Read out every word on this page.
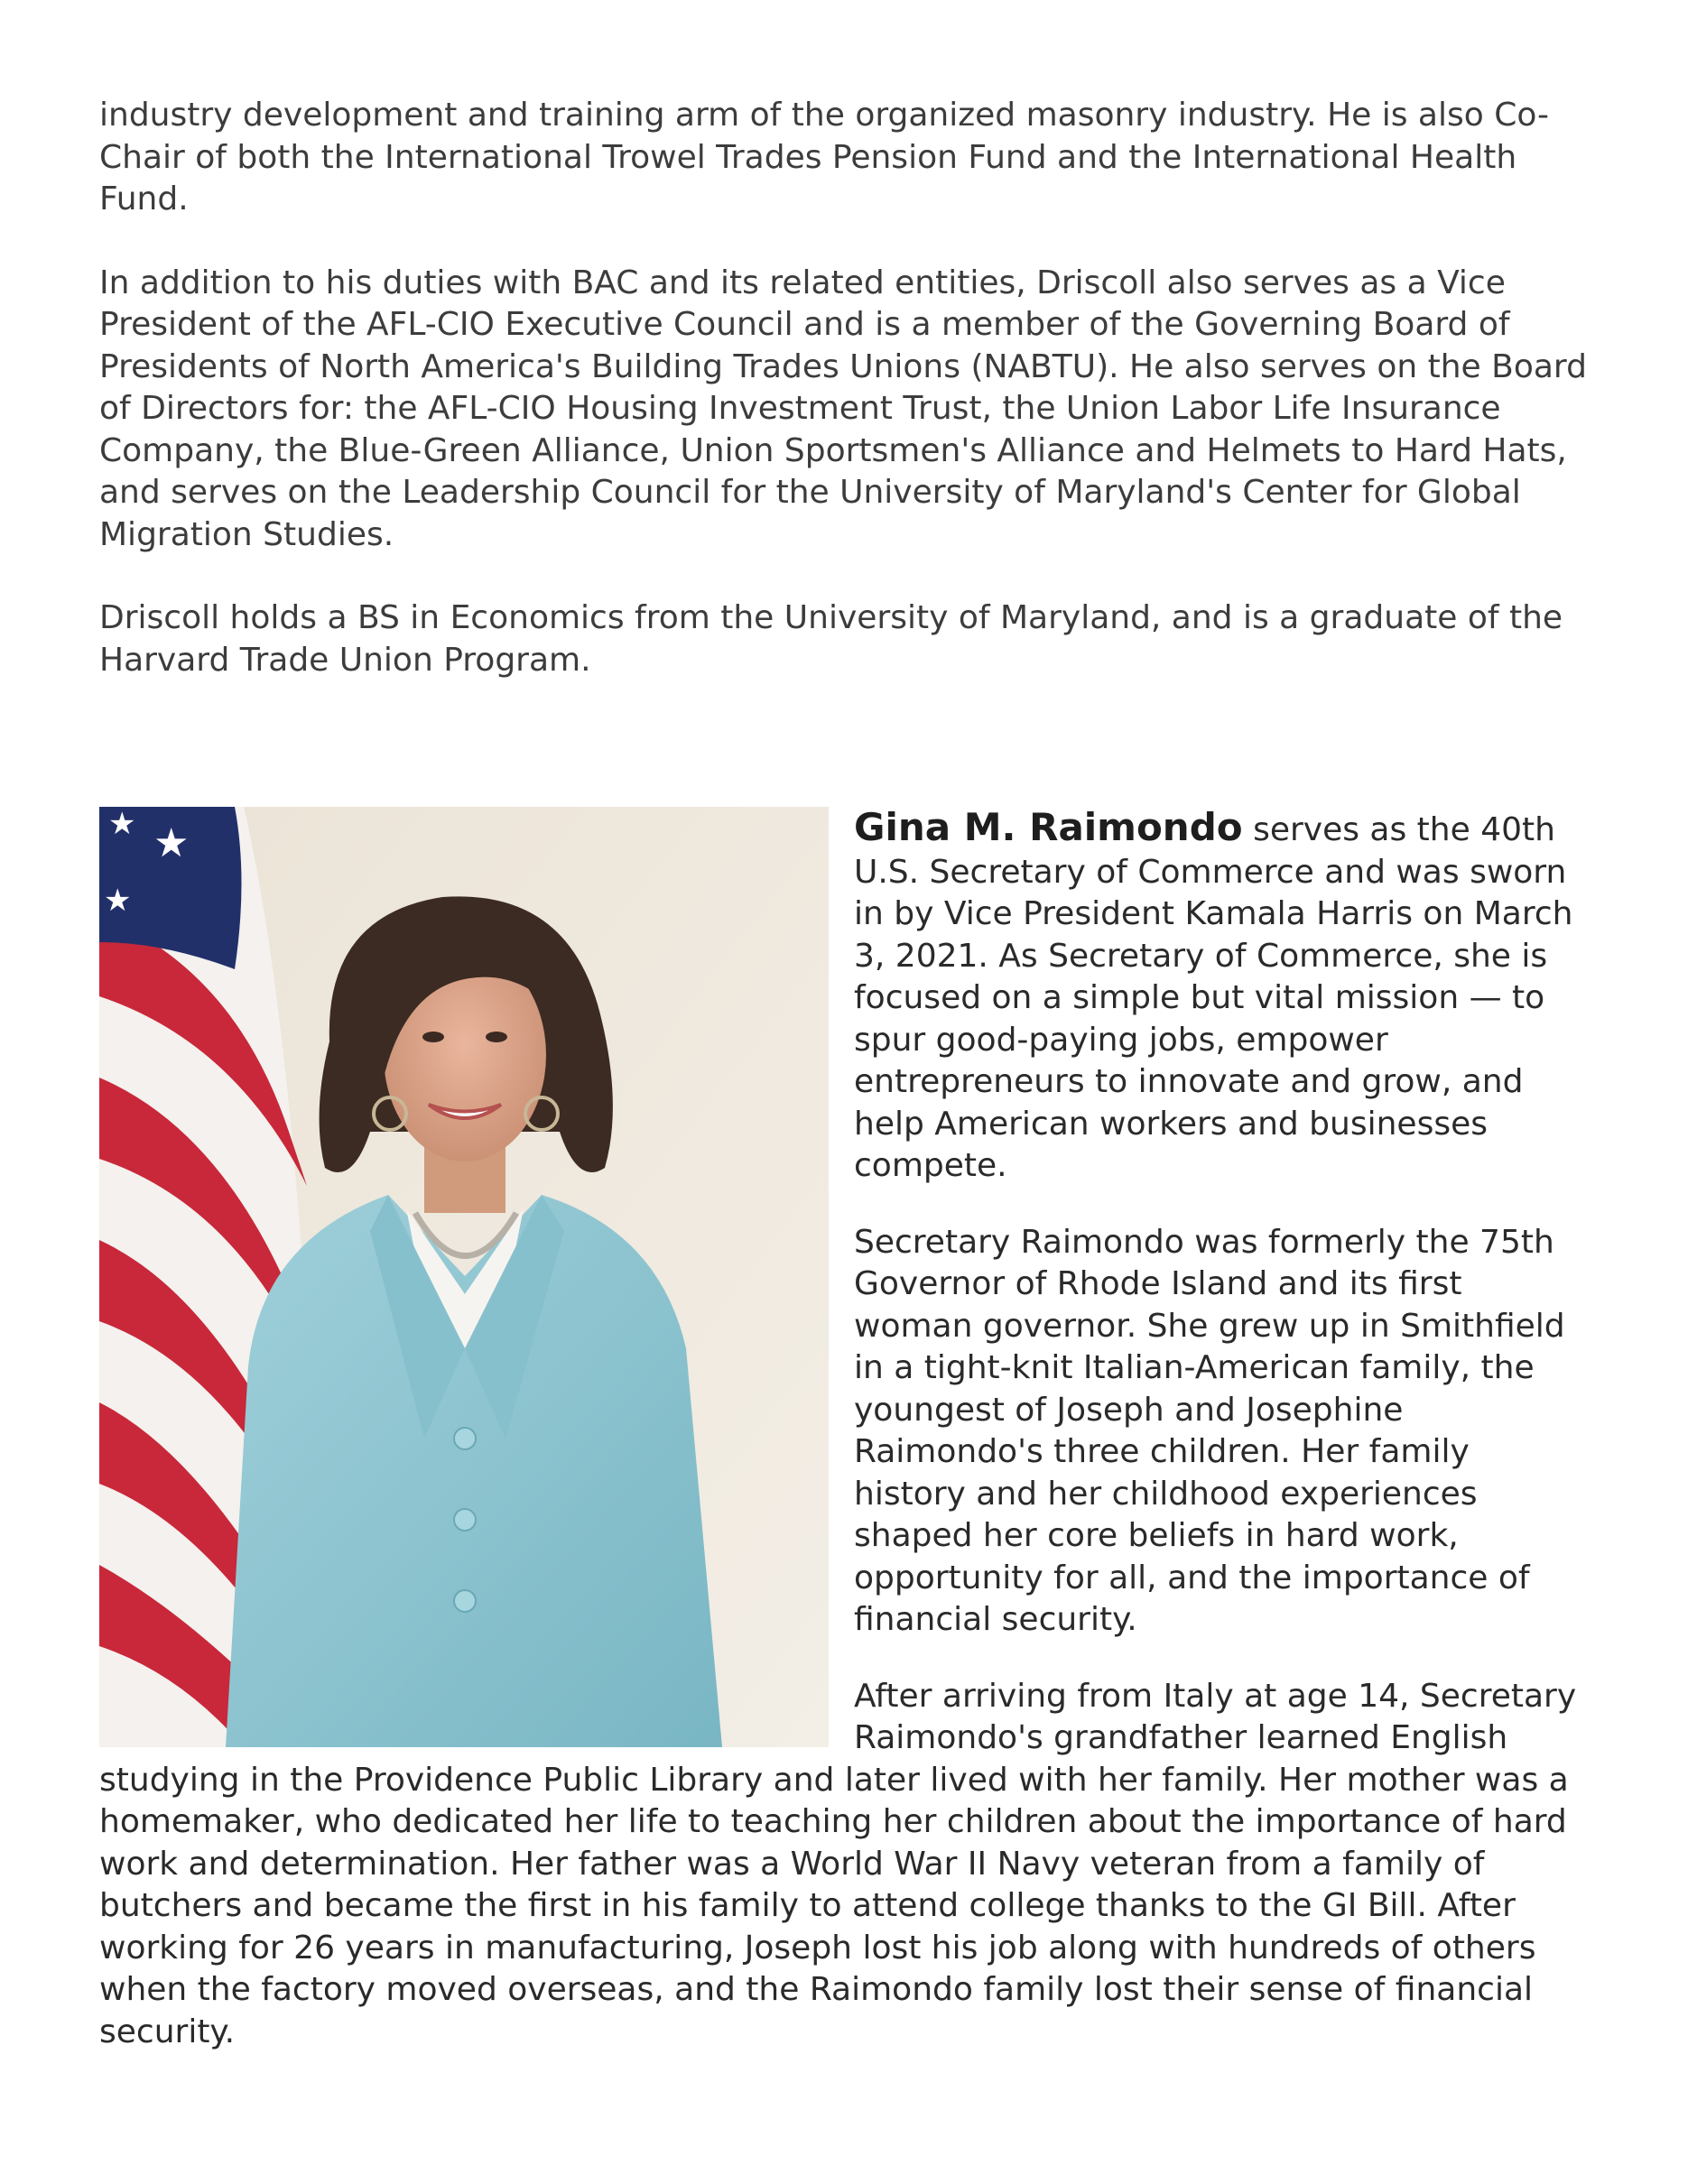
industry development and training arm of the organized masonry industry. He is also Co-Chair of both the International Trowel Trades Pension Fund and the International Health Fund.

In addition to his duties with BAC and its related entities, Driscoll also serves as a Vice President of the AFL-CIO Executive Council and is a member of the Governing Board of Presidents of North America's Building Trades Unions (NABTU). He also serves on the Board of Directors for: the AFL-CIO Housing Investment Trust, the Union Labor Life Insurance Company, the Blue-Green Alliance, Union Sportsmen's Alliance and Helmets to Hard Hats, and serves on the Leadership Council for the University of Maryland's Center for Global Migration Studies.

Driscoll holds a BS in Economics from the University of Maryland, and is a graduate of the Harvard Trade Union Program.

★
★
★

Gina M. Raimondo serves as the 40th U.S. Secretary of Commerce and was sworn in by Vice President Kamala Harris on March 3, 2021. As Secretary of Commerce, she is focused on a simple but vital mission — to spur good-paying jobs, empower entrepreneurs to innovate and grow, and help American workers and businesses compete.

Secretary Raimondo was formerly the 75th Governor of Rhode Island and its first woman governor. She grew up in Smithfield in a tight-knit Italian-American family, the youngest of Joseph and Josephine Raimondo's three children. Her family history and her childhood experiences shaped her core beliefs in hard work, opportunity for all, and the importance of financial security.

After arriving from Italy at age 14, Secretary Raimondo's grandfather learned English studying in the Providence Public Library and later lived with her family. Her mother was a homemaker, who dedicated her life to teaching her children about the importance of hard work and determination. Her father was a World War II Navy veteran from a family of butchers and became the first in his family to attend college thanks to the GI Bill. After working for 26 years in manufacturing, Joseph lost his job along with hundreds of others when the factory moved overseas, and the Raimondo family lost their sense of financial security.
